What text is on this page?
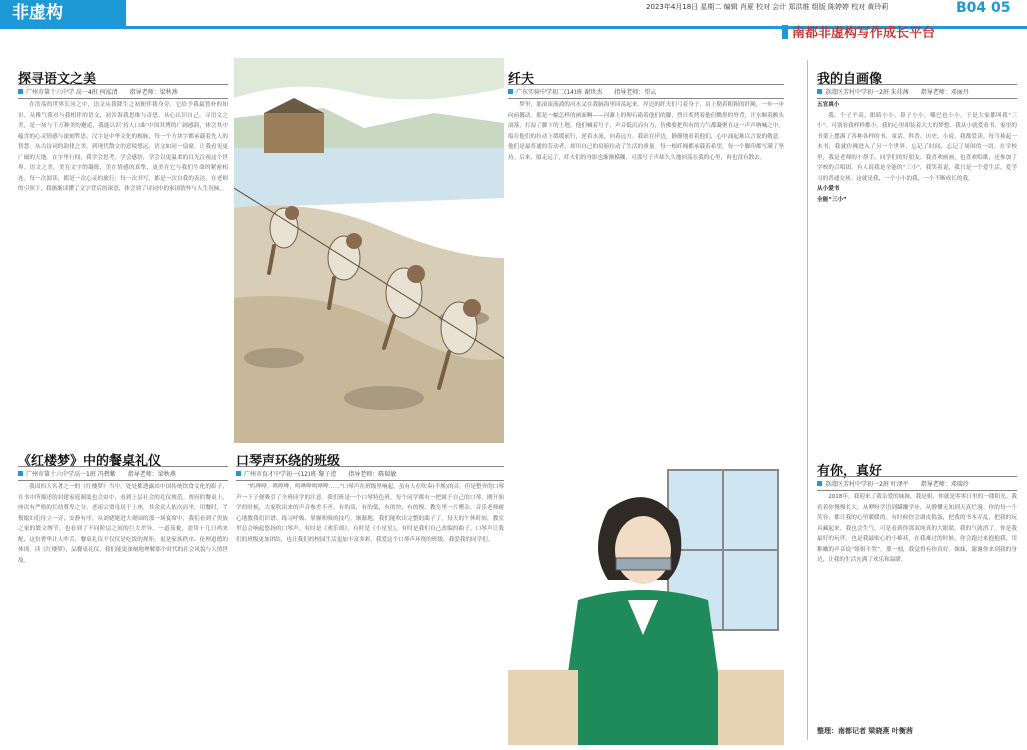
非虚构	2023年4月18日 星期二 编辑 肖夏 校对 会计 郑洪维 组版 陈婷婷 校对 黄玲莉	B04 05
南都非虚构写作成长平台
探寻语文之美
广州市第十六中学 高一4班 何泓清　　指导老师：梁秋燕

在浩荡的世界长河之中，语文从我降生之初便伴我身旁，它给予我最質朴的知识。从稚气我对与我相伴的语文，初涉海我思维与奇思，从心认识自己。寻语文之美，是一场与千万种美的邂逅，我能认识‘持人口曲’中国其博的广阔感韵，体会其中蕴含的心灵情感与深刻哲思，汉字是中华文化的根脉，每一个方块字都承载着先人的智慧。从古诗词的韵律之美，到现代散文的意境悠远，语文如同一扇窗，让我看见更广阔的天地。在字里行间，我学会思考，学会感悟，学会以更温柔的目光注视这个世界。语文之美，美在文字的凝练，美在情感的真挚，更美在它与我们生命的紧密相连。每一次阅读，都是一次心灵的旅行；每一次书写，都是一次自我的表达。在老师的引领下，我渐渐读懂了文字背后的深意，体会到了诗词中的家国情怀与人生况味。

《红楼梦》中的餐桌礼仪
广州市第十六中学高一1班 冯碧紫　　指导老师：梁秋燕

我国四大名著之一的《红楼梦》当中，处处都透露出中国传统饮食文化的影子，在书中所描述的封建家庭制度也会由中，看到上层社会的礼仪规范。贾府的餐桌上，座次有严格的长幼尊卑之分，老祖宗贾母居于上座，其余众人依次而坐。用餐时，丫鬟媳妇们侍立一旁，安静有序。从刘姥姥进大观园的那一场宴席中，我们看到了贵族之家的繁文缛节，也看到了不同阶层之间的巨大差异。一道茄鲞，需用十几只鸡来配，这份奢华让人咋舌。餐桌礼仪不仅仅是吃饭的规矩，更是家族秩序、伦理道德的体现。读《红楼梦》，品餐桌礼仪，我们能更深刻地理解那个时代的社会风貌与人情世故。

纤夫
广东实验中学初二(14)班 谢世杰　　指导老师：望云

梦里，那滚滚流淌的河水又在我脑海里回荡起来。岸边的纤夫们弓着身子，肩上勒着粗粗的纤绳，一步一步向前挪动。那是一幅怎样的画面啊——河滩上的卵石硌着他们的脚，烈日炙烤着他们黝黑的脊背，汗水顺着额头滚落，打湿了脚下的土地。他们喊着号子，声音低沉而有力，仿佛要把所有的力气都凝聚在这一声声呐喊之中。船在他们的拉动下缓缓前行，逆着水流，向着远方。我站在岸边，静静地看着他们，心中涌起难以言说的敬意。他们是最普通的劳动者，却用自己的肩膀拉动了生活的重量。每一根纤绳都承载着希望，每一个脚印都写满了坚持。后来，船走远了，纤夫们的身影也渐渐模糊，可那号子声却久久地回荡在我的心里，再也没有散去。

口琴声环绕的班级
广州市育才中学初一(12)班 黎子滢　　指导老师：陈瑞敏

“呜哗哗，鸣哗哗，鸣哗哗鸣哗哗……”口琴声在班级里响起，虽有人在吹奏(不规)的音，但是整齐的口琴声一下子便吸引了全班同学的注意。我们班是一个口琴特色班，每个同学都有一把属于自己的口琴。刚开始学的时候，大家吹出来的声音参差不齐，有的高，有的低，有的快，有的慢，教室里一片嘈杂。音乐老师耐心地教我们识谱、练习呼吸、掌握吹吸的技巧。渐渐地，我们能吹出完整的曲子了。每天的午休时间，教室里总会响起悠扬的口琴声。有时是《欢乐颂》，有时是《小星星》，有时是我们自己改编的曲子。口琴声让我们的班级更加团结，也让我们的校园生活更加丰富多彩。我爱这个口琴声环绕的班级，我爱我的同学们。

我的自画像
荔湾区芳村中学初一2班 朱佳茜　　指导老师：邓丽丹

五官真小

我，个子不高，眼睛小小，鼻子小小，嘴巴也小小，于是大家都叫我“三小”。可别看我样样都小，我的心里却装着大大的梦想。我从小就爱看书，家里的书架上摆满了各种各样的书，童话、科普、历史、小说，我都爱读。每当捧起一本书，我就仿佛进入了另一个世界，忘记了时间，忘记了周围的一切。在学校里，我是老师的小帮手，同学们的好朋友。我喜欢画画，也喜欢唱歌，还参加了学校的合唱团。有人说我是全能的“三小”，我笑着说，我只是一个爱生活、爱学习的普通女孩。这就是我，一个小小的我，一个不断成长的我。

从小爱书

全能“三小”

有你，真好
荔湾区芳村中学初一2班 叶泽平　　指导老师：邓瑞玲

2018年，我迎来了我亲爱的妹妹，我是姐，你就是零零日里的一缕阳光。我看着你慢慢长大，从咿呀学语到蹒跚学步，从懵懂无知到天真烂漫。你的每一个笑容，都让我的心里暖暖的。有时候你会调皮捣蛋，把我的书本弄乱，把我的玩具藏起来，我也会生气，可是看到你那双纯真的大眼睛，我的气就消了。你是我最好的玩伴，也是我最贴心的小棉袄。在我难过的时候，你会跑过来抱抱我，用稚嫩的声音说“姐姐不哭”。那一刻，我觉得有你真好。妹妹，谢谢你来到我的身边，让我的生活充满了欢乐和温暖。

整理：南都记者 梁晓燕 叶衡茜
